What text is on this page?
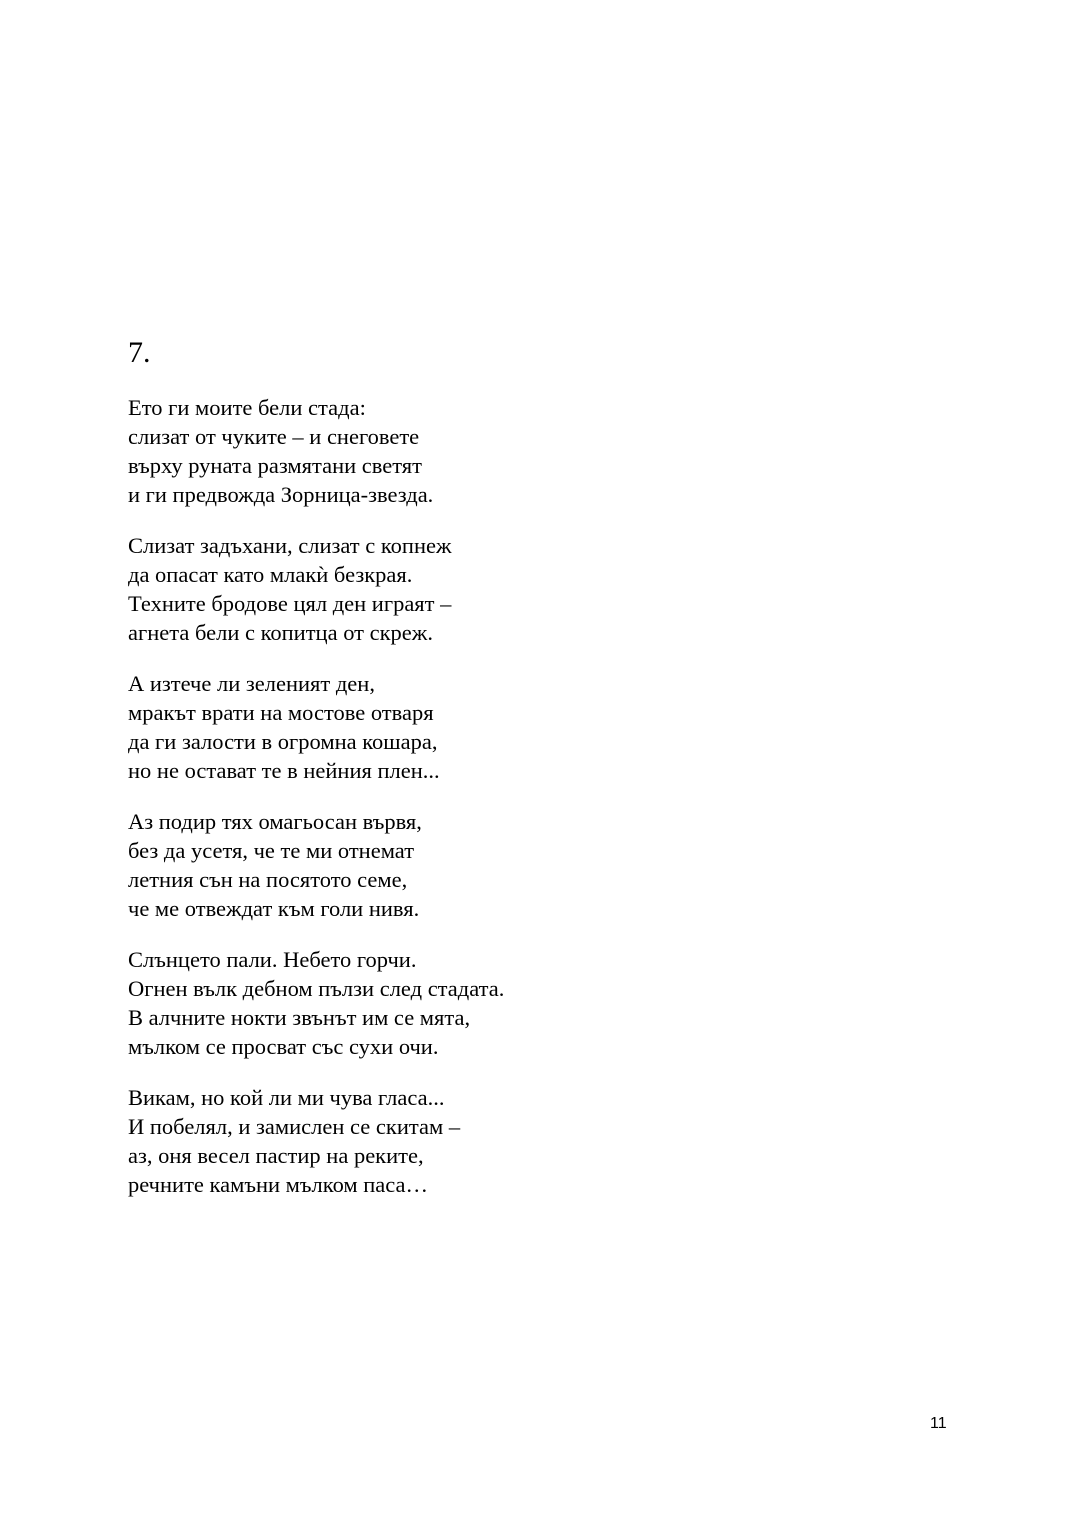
7.
Ето ги моите бели стада:
слизат от чуките – и снеговете
върху руната размятани светят
и ги предвожда Зорница-звезда.
Слизат задъхани, слизат с копнеж
да опасат като млакѝ безкрая.
Техните бродове цял ден играят –
агнета бели с копитца от скреж.
А изтече ли зеленият ден,
мракът врати на мостове отваря
да ги залости в огромна кошара,
но не остават те в нейния плен...
Аз подир тях омагьосан вървя,
без да усетя, че те ми отнемат
летния сън на посятото семе,
че ме отвеждат към голи нивя.
Слънцето пали. Небето горчи.
Огнен вълк дебном пълзи след стадата.
В алчните нокти звънът им се мята,
мълком се просват със сухи очи.
Викам, но кой ли ми чува гласа...
И побелял, и замислен се скитам –
аз, оня весел пастир на реките,
речните камъни мълком паса…
11
